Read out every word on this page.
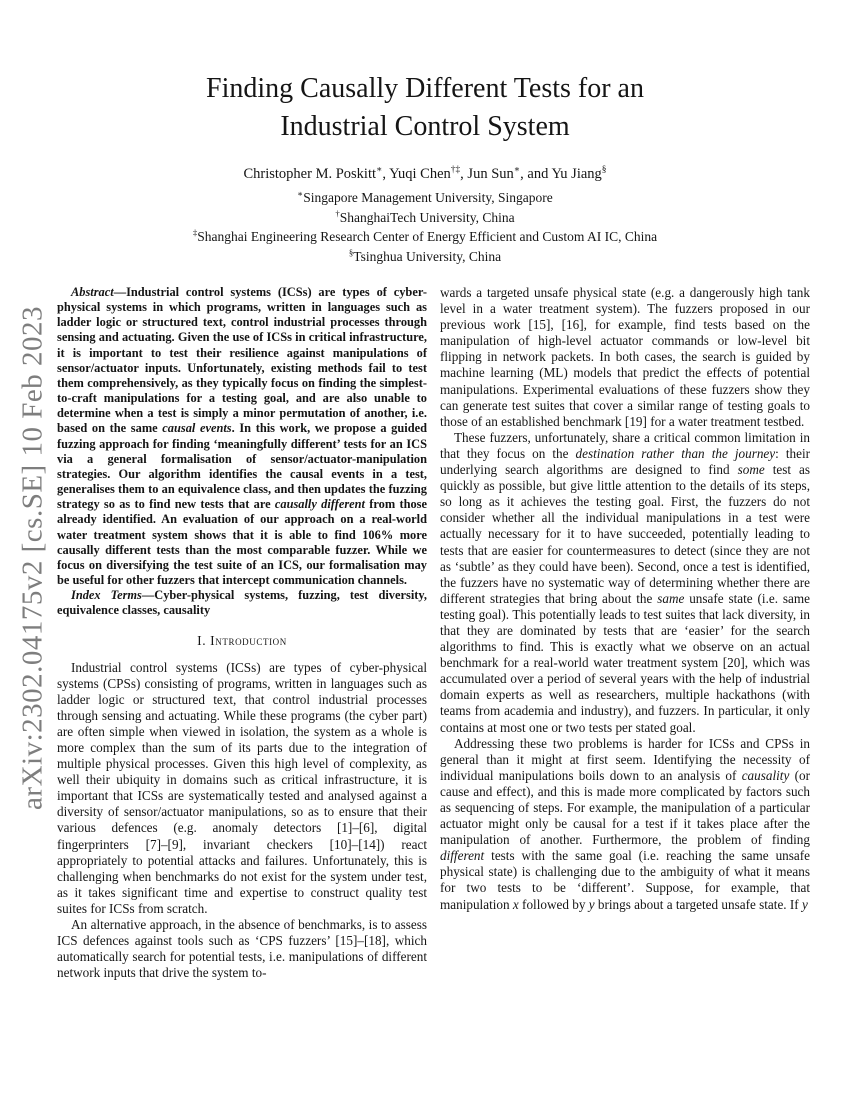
arXiv:2302.04175v2 [cs.SE] 10 Feb 2023
Finding Causally Different Tests for an
Industrial Control System
Christopher M. Poskitt∗, Yuqi Chen†‡, Jun Sun∗, and Yu Jiang§
∗Singapore Management University, Singapore
†ShanghaiTech University, China
‡Shanghai Engineering Research Center of Energy Efficient and Custom AI IC, China
§Tsinghua University, China

Abstract—Industrial control systems (ICSs) are types of cyber-physical systems in which programs, written in languages such as ladder logic or structured text, control industrial processes through sensing and actuating. Given the use of ICSs in critical infrastructure, it is important to test their resilience against manipulations of sensor/actuator inputs. Unfortunately, existing methods fail to test them comprehensively, as they typically focus on finding the simplest-to-craft manipulations for a testing goal, and are also unable to determine when a test is simply a minor permutation of another, i.e. based on the same causal events. In this work, we propose a guided fuzzing approach for finding ‘meaningfully different’ tests for an ICS via a general formalisation of sensor/actuator-manipulation strategies. Our algorithm identifies the causal events in a test, generalises them to an equivalence class, and then updates the fuzzing strategy so as to find new tests that are causally different from those already identified. An evaluation of our approach on a real-world water treatment system shows that it is able to find 106% more causally different tests than the most comparable fuzzer. While we focus on diversifying the test suite of an ICS, our formalisation may be useful for other fuzzers that intercept communication channels.

Index Terms—Cyber-physical systems, fuzzing, test diversity, equivalence classes, causality

I. Introduction

Industrial control systems (ICSs) are types of cyber-physical systems (CPSs) consisting of programs, written in languages such as ladder logic or structured text, that control industrial processes through sensing and actuating. While these programs (the cyber part) are often simple when viewed in isolation, the system as a whole is more complex than the sum of its parts due to the integration of multiple physical processes. Given this high level of complexity, as well their ubiquity in domains such as critical infrastructure, it is important that ICSs are systematically tested and analysed against a diversity of sensor/actuator manipulations, so as to ensure that their various defences (e.g. anomaly detectors [1]–[6], digital fingerprinters [7]–[9], invariant checkers [10]–[14]) react appropriately to potential attacks and failures. Unfortunately, this is challenging when benchmarks do not exist for the system under test, as it takes significant time and expertise to construct quality test suites for ICSs from scratch.

An alternative approach, in the absence of benchmarks, is to assess ICS defences against tools such as ‘CPS fuzzers’ [15]–[18], which automatically search for potential tests, i.e. manipulations of different network inputs that drive the system to-

wards a targeted unsafe physical state (e.g. a dangerously high tank level in a water treatment system). The fuzzers proposed in our previous work [15], [16], for example, find tests based on the manipulation of high-level actuator commands or low-level bit flipping in network packets. In both cases, the search is guided by machine learning (ML) models that predict the effects of potential manipulations. Experimental evaluations of these fuzzers show they can generate test suites that cover a similar range of testing goals to those of an established benchmark [19] for a water treatment testbed.

These fuzzers, unfortunately, share a critical common limitation in that they focus on the destination rather than the journey: their underlying search algorithms are designed to find some test as quickly as possible, but give little attention to the details of its steps, so long as it achieves the testing goal. First, the fuzzers do not consider whether all the individual manipulations in a test were actually necessary for it to have succeeded, potentially leading to tests that are easier for countermeasures to detect (since they are not as ‘subtle’ as they could have been). Second, once a test is identified, the fuzzers have no systematic way of determining whether there are different strategies that bring about the same unsafe state (i.e. same testing goal). This potentially leads to test suites that lack diversity, in that they are dominated by tests that are ‘easier’ for the search algorithms to find. This is exactly what we observe on an actual benchmark for a real-world water treatment system [20], which was accumulated over a period of several years with the help of industrial domain experts as well as researchers, multiple hackathons (with teams from academia and industry), and fuzzers. In particular, it only contains at most one or two tests per stated goal.

Addressing these two problems is harder for ICSs and CPSs in general than it might at first seem. Identifying the necessity of individual manipulations boils down to an analysis of causality (or cause and effect), and this is made more complicated by factors such as sequencing of steps. For example, the manipulation of a particular actuator might only be causal for a test if it takes place after the manipulation of another. Furthermore, the problem of finding different tests with the same goal (i.e. reaching the same unsafe physical state) is challenging due to the ambiguity of what it means for two tests to be ‘different’. Suppose, for example, that manipulation x followed by y brings about a targeted unsafe state. If y
